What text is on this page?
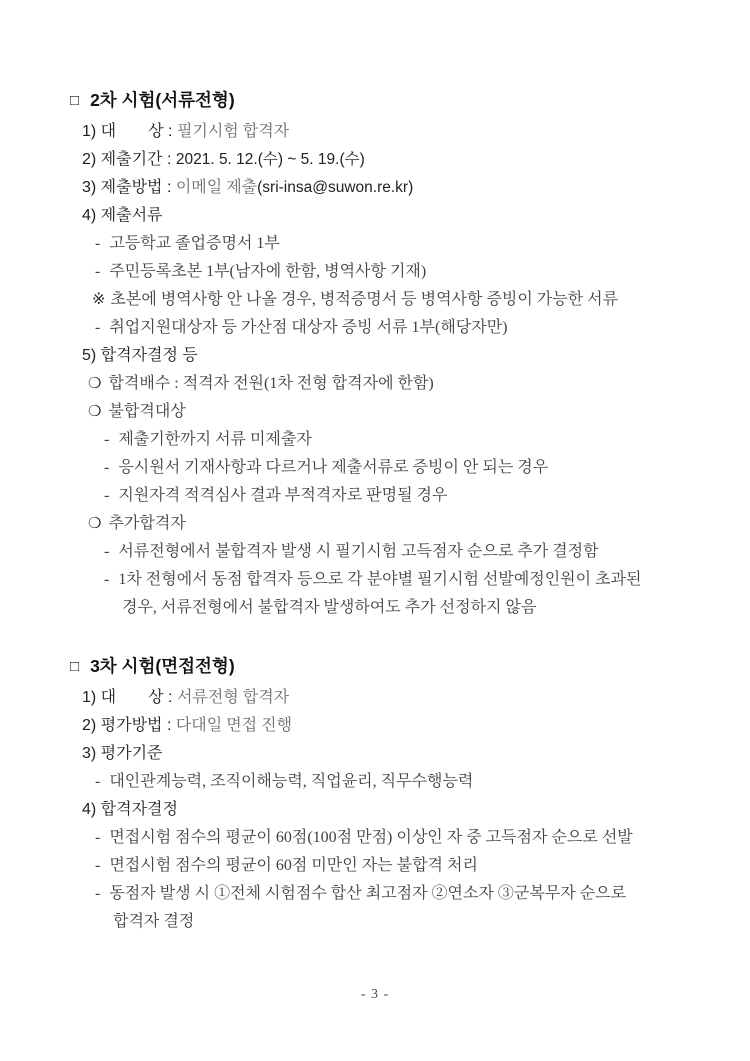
□ 2차 시험(서류전형)
1) 대　　상 : 필기시험 합격자
2) 제출기간 : 2021. 5. 12.(수) ~ 5. 19.(수)
3) 제출방법 : 이메일 제출(sri-insa@suwon.re.kr)
4) 제출서류
- 고등학교 졸업증명서 1부
- 주민등록초본 1부(남자에 한함, 병역사항 기재)
※ 초본에 병역사항 안 나올 경우, 병적증명서 등 병역사항 증빙이 가능한 서류
- 취업지원대상자 등 가산점 대상자 증빙 서류 1부(해당자만)
5) 합격자결정 등
❍ 합격배수 : 적격자 전원(1차 전형 합격자에 한함)
❍ 불합격대상
- 제출기한까지 서류 미제출자
- 응시원서 기재사항과 다르거나 제출서류로 증빙이 안 되는 경우
- 지원자격 적격심사 결과 부적격자로 판명될 경우
❍ 추가합격자
- 서류전형에서 불합격자 발생 시 필기시험 고득점자 순으로 추가 결정함
- 1차 전형에서 동점 합격자 등으로 각 분야별 필기시험 선발예정인원이 초과된
경우, 서류전형에서 불합격자 발생하여도 추가 선정하지 않음
□ 3차 시험(면접전형)
1) 대　　상 : 서류전형 합격자
2) 평가방법 : 다대일 면접 진행
3) 평가기준
- 대인관계능력, 조직이해능력, 직업윤리, 직무수행능력
4) 합격자결정
- 면접시험 점수의 평균이 60점(100점 만점) 이상인 자 중 고득점자 순으로 선발
- 면접시험 점수의 평균이 60점 미만인 자는 불합격 처리
- 동점자 발생 시 ①전체 시험점수 합산 최고점자 ②연소자 ③군복무자 순으로
합격자 결정
- 3 -
